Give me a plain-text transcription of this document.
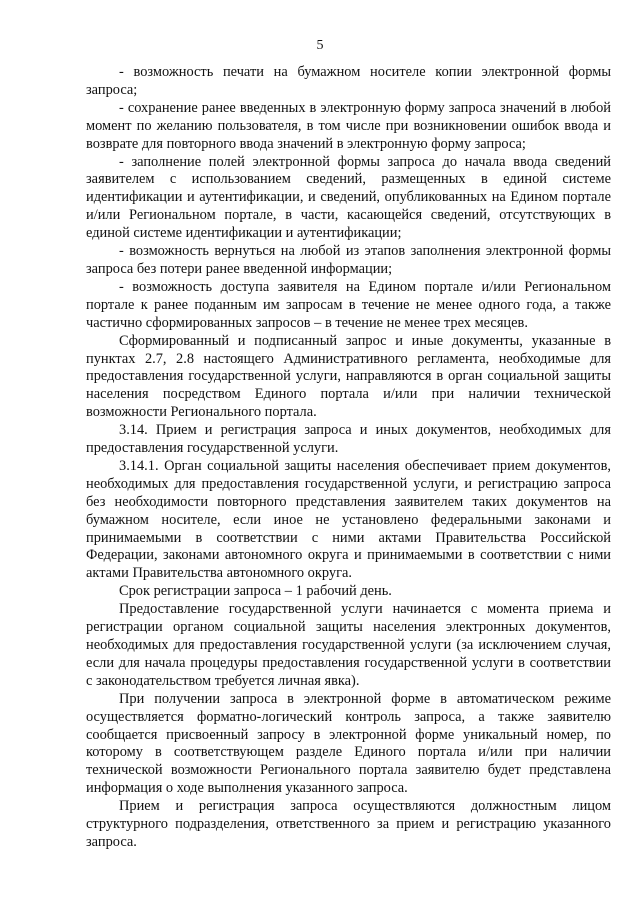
5

- возможность печати на бумажном носителе копии электронной формы запроса;

- сохранение ранее введенных в электронную форму запроса значений в любой момент по желанию пользователя, в том числе при возникновении ошибок ввода и возврате для повторного ввода значений в электронную форму запроса;

- заполнение полей электронной формы запроса до начала ввода сведений заявителем с использованием сведений, размещенных в единой системе идентификации и аутентификации, и сведений, опубликованных на Едином портале и/или Региональном портале, в части, касающейся сведений, отсутствующих в единой системе идентификации и аутентификации;

- возможность вернуться на любой из этапов заполнения электронной формы запроса без потери ранее введенной информации;

- возможность доступа заявителя на Едином портале и/или Региональном портале к ранее поданным им запросам в течение не менее одного года, а также частично сформированных запросов – в течение не менее трех месяцев.

Сформированный и подписанный запрос и иные документы, указанные в пунктах 2.7, 2.8 настоящего Административного регламента, необходимые для предоставления государственной услуги, направляются в орган социальной защиты населения посредством Единого портала и/или при наличии технической возможности Регионального портала.

3.14. Прием и регистрация запроса и иных документов, необходимых для предоставления государственной услуги.

3.14.1. Орган социальной защиты населения обеспечивает прием документов, необходимых для предоставления государственной услуги, и регистрацию запроса без необходимости повторного представления заявителем таких документов на бумажном носителе, если иное не установлено федеральными законами и принимаемыми в соответствии с ними актами Правительства Российской Федерации, законами автономного округа и принимаемыми в соответствии с ними актами Правительства автономного округа.

Срок регистрации запроса – 1 рабочий день.

Предоставление государственной услуги начинается с момента приема и регистрации органом социальной защиты населения электронных документов, необходимых для предоставления государственной услуги (за исключением случая, если для начала процедуры предоставления государственной услуги в соответствии с законодательством требуется личная явка).

При получении запроса в электронной форме в автоматическом режиме осуществляется форматно-логический контроль запроса, а также заявителю сообщается присвоенный запросу в электронной форме уникальный номер, по которому в соответствующем разделе Единого портала и/или при наличии технической возможности Регионального портала заявителю будет представлена информация о ходе выполнения указанного запроса.

Прием и регистрация запроса осуществляются должностным лицом структурного подразделения, ответственного за прием и регистрацию указанного запроса.
